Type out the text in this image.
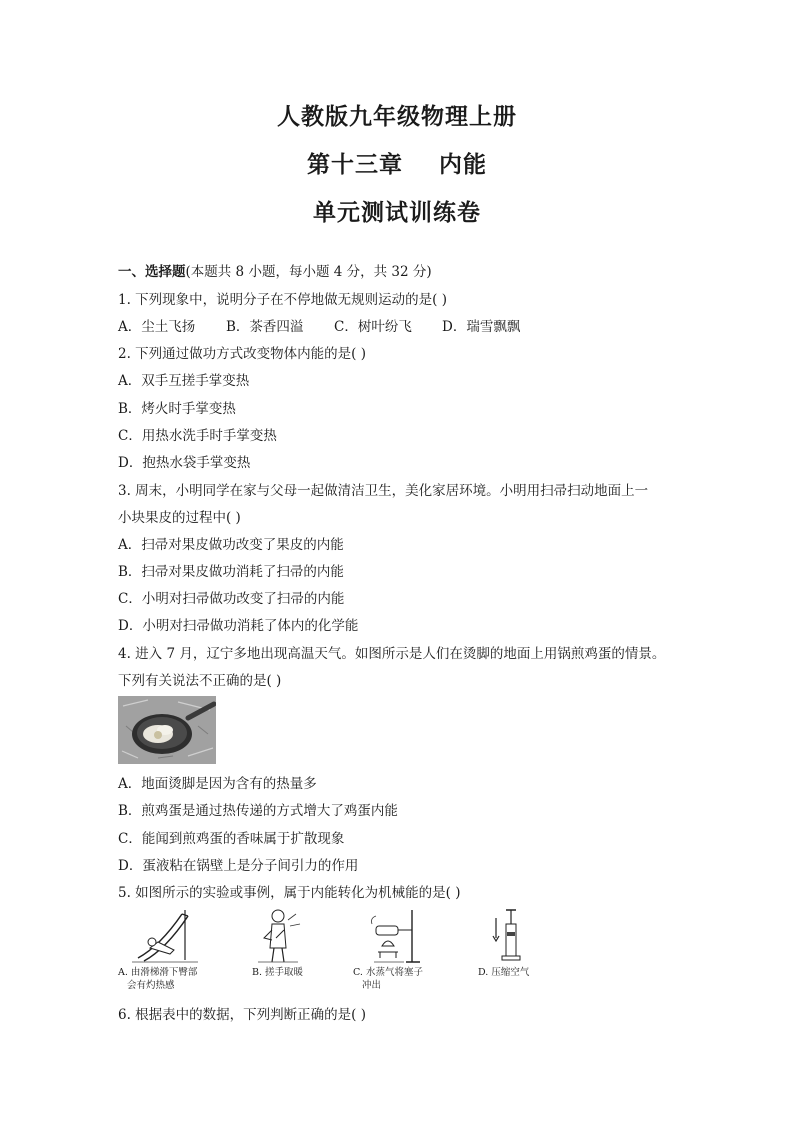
人教版九年级物理上册
第十三章    内能
单元测试训练卷
一、选择题(本题共 8 小题，每小题 4 分，共 32 分)
1. 下列现象中，说明分子在不停地做无规则运动的是( )
A．尘土飞扬 B．茶香四溢 C．树叶纷飞 D．瑞雪飘飘
2. 下列通过做功方式改变物体内能的是( )
A．双手互搓手掌变热
B．烤火时手掌变热
C．用热水洗手时手掌变热
D．抱热水袋手掌变热
3. 周末，小明同学在家与父母一起做清洁卫生，美化家居环境。小明用扫帚扫动地面上一
小块果皮的过程中( )
A．扫帚对果皮做功改变了果皮的内能
B．扫帚对果皮做功消耗了扫帚的内能
C．小明对扫帚做功改变了扫帚的内能
D．小明对扫帚做功消耗了体内的化学能
4. 进入 7 月，辽宁多地出现高温天气。如图所示是人们在烫脚的地面上用锅煎鸡蛋的情景。
下列有关说法不正确的是( )
A．地面烫脚是因为含有的热量多
B．煎鸡蛋是通过热传递的方式增大了鸡蛋内能
C．能闻到煎鸡蛋的香味属于扩散现象
D．蛋液粘在锅壁上是分子间引力的作用
5. 如图所示的实验或事例，属于内能转化为机械能的是( )
A. 由滑梯滑下臀部
会有灼热感
B. 搓手取暖	C. 水蒸气将塞子
冲出
D. 压缩空气
6. 根据表中的数据，下列判断正确的是( )
